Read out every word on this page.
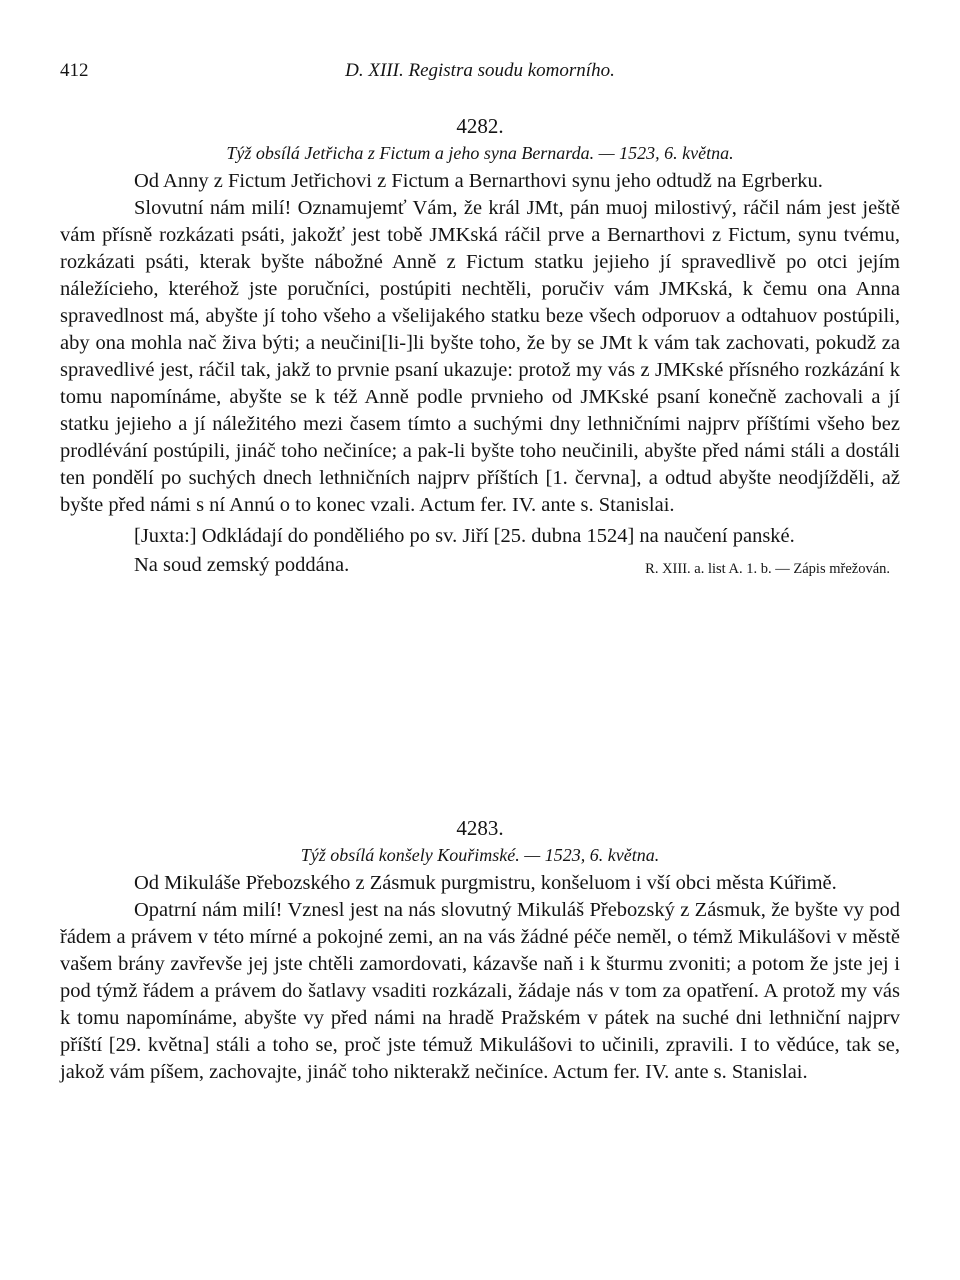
412	D. XIII. Registra soudu komorního.
4282.
Týž obsílá Jetřicha z Fictum a jeho syna Bernarda. — 1523, 6. května.

Od Anny z Fictum Jetřichovi z Fictum a Bernarthovi synu jeho odtudž na Egrberku.

Slovutní nám milí! Oznamujemť Vám, že král JMt, pán muoj milostivý, ráčil nám jest ještě vám přísně rozkázati psáti, jakožť jest tobě JMKská ráčil prve a Bernarthovi z Fictum, synu tvému, rozkázati psáti, kterak byšte nábožné Anně z Fictum statku jejieho jí spravedlivě po otci jejím náležícieho, kteréhož jste poručníci, postúpiti nechtěli, poručiv vám JMKská, k čemu ona Anna spravedlnost má, abyšte jí toho všeho a všelijakého statku beze všech odporuov a odtahuov postúpili, aby ona mohla nač živa býti; a neučini[li-]li byšte toho, že by se JMt k vám tak zachovati, pokudž za spravedlivé jest, ráčil tak, jakž to prvnie psaní ukazuje: protož my vás z JMKské přísného rozkázání k tomu napomínáme, abyšte se k též Anně podle prvnieho od JMKské psaní konečně zachovali a jí statku jejieho a jí náležitého mezi časem tímto a suchými dny lethničními najprv příštími všeho bez prodlévání postúpili, jináč toho nečiníce; a pak-li byšte toho neučinili, abyšte před námi stáli a dostáli ten pondělí po suchých dnech lethničních najprv příštích [1. června], a odtud abyšte neodjížděli, až byšte před námi s ní Annú o to konec vzali. Actum fer. IV. ante s. Stanislai.

[Juxta:] Odkládají do ponděliého po sv. Jiří [25. dubna 1524] na naučení panské.

Na soud zemský poddána.	R. XIII. a. list A. 1. b. — Zápis mřežován.
4283.
Týž obsílá konšely Kouřimské. — 1523, 6. května.

Od Mikuláše Přebozského z Zásmuk purgmistru, konšeluom i vší obci města Kúřimě.

Opatrní nám milí! Vznesl jest na nás slovutný Mikuláš Přebozský z Zásmuk, že byšte vy pod řádem a právem v této mírné a pokojné zemi, an na vás žádné péče neměl, o témž Mikulášovi v městě vašem brány zavřevše jej jste chtěli zamordovati, kázavše naň i k šturmu zvoniti; a potom že jste jej i pod týmž řádem a právem do šatlavy vsaditi rozkázali, žádaje nás v tom za opatření. A protož my vás k tomu napomínáme, abyšte vy před námi na hradě Pražském v pátek na suché dni lethniční najprv příští [29. května] stáli a toho se, proč jste témuž Mikulášovi to učinili, zpravili. I to vědúce, tak se, jakož vám píšem, zachovajte, jináč toho nikterakž nečiníce. Actum fer. IV. ante s. Stanislai.
